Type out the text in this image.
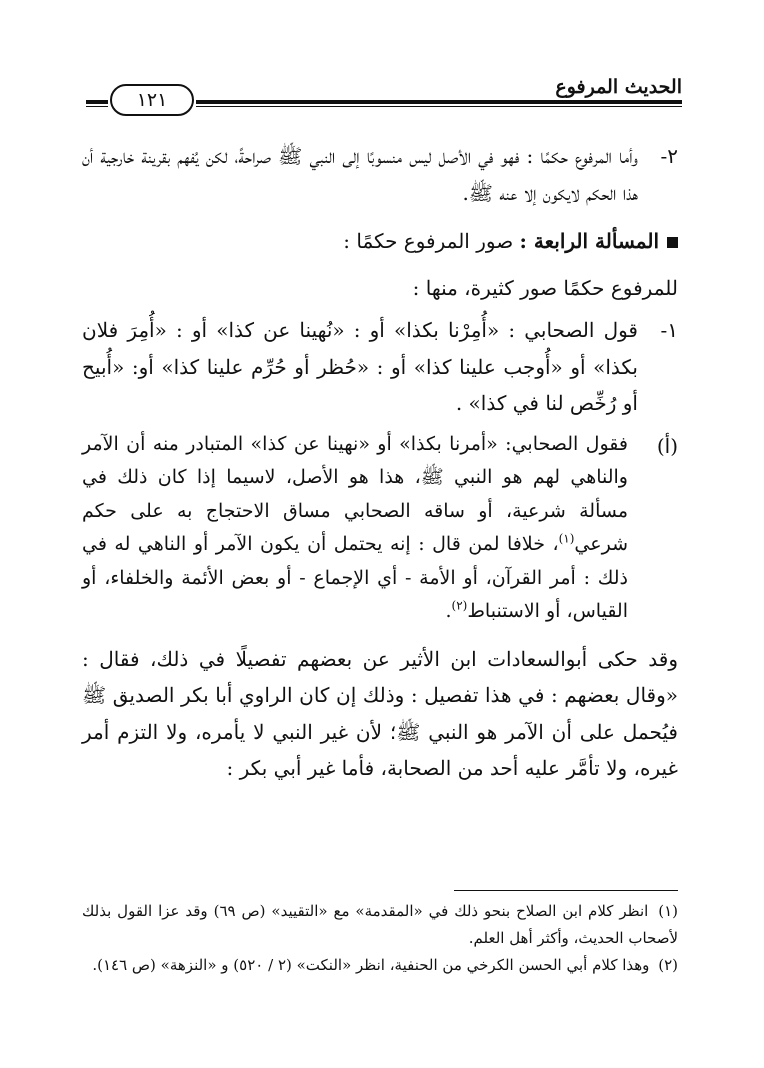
الحديث المرفوع
١٢١
٢-
وأما المرفوع حكمًا : فهو في الأصل ليس منسوبًا إلى النبي ﷺ صراحةً، لكن يُفهم بقرينة خارجية أن هذا الحكم لايكون إلا عنه ﷺ.
المسألة الرابعة : صور المرفوع حكمًا :

للمرفوع حكمًا صور كثيرة، منها :

١-
قول الصحابي : «أُمِرْنا بكذا» أو : «نُهينا عن كذا» أو : «أُمِرَ فلان بكذا» أو «أُوجب علينا كذا» أو : «حُظر أو حُرِّم علينا كذا» أو: «أُبيح أو رُخِّص لنا في كذا» .
(أ)
فقول الصحابي: «أمرنا بكذا» أو «نهينا عن كذا» المتبادر منه أن الآمر والناهي لهم هو النبي ﷺ، هذا هو الأصل، لاسيما إذا كان ذلك في مسألة شرعية، أو ساقه الصحابي مساق الاحتجاج به على حكم شرعي$^{(١)}$، خلافا لمن قال : إنه يحتمل أن يكون الآمر أو الناهي له في ذلك : أمر القرآن، أو الأمة - أي الإجماع - أو بعض الأئمة والخلفاء، أو القياس، أو الاستنباط$^{(٢)}$.

وقد حكى أبوالسعادات ابن الأثير عن بعضهم تفصيلًا في ذلك، فقال : «وقال بعضهم : في هذا تفصيل : وذلك إن كان الراوي أبا بكر الصديق ﷺ فيُحمل على أن الآمر هو النبي ﷺ؛ لأن غير النبي لا يأمره، ولا التزم أمر غيره، ولا تأمَّر عليه أحد من الصحابة، فأما غير أبي بكر :

(١) انظر كلام ابن الصلاح بنحو ذلك في «المقدمة» مع «التقييد» (ص ٦٩) وقد عزا القول بذلك لأصحاب الحديث، وأكثر أهل العلم.

(٢) وهذا كلام أبي الحسن الكرخي من الحنفية، انظر «النكت» (٢ / ٥٢٠) و «النزهة» (ص ١٤٦).
